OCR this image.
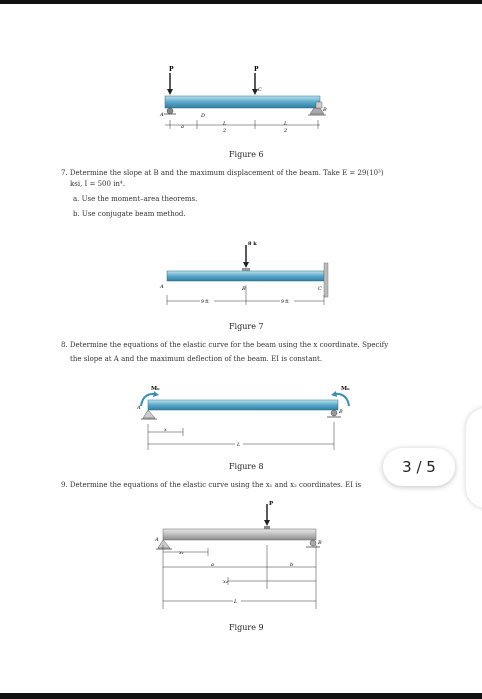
P	P
C
A	D
B
a	L
2
L
2
Figure 6
7. Determine the slope at B and the maximum displacement of the beam. Take E = 29(10³)
ksi, I = 500 in⁴.
a. Use the moment–area theorems.
b. Use conjugate beam method.
8 k
A	B	C
9 ft	9 ft
Figure 7
8. Determine the equations of the elastic curve for the beam using the x coordinate. Specify
the slope at A and the maximum deflection of the beam. EI is constant.
M₀	M₀
A
B
x
L
Figure 8
9. Determine the equations of the elastic curve using the x₁ and x₂ coordinates. EI is
P
A	B
x₁
a	b
x₂
L
Figure 9
3 / 5
